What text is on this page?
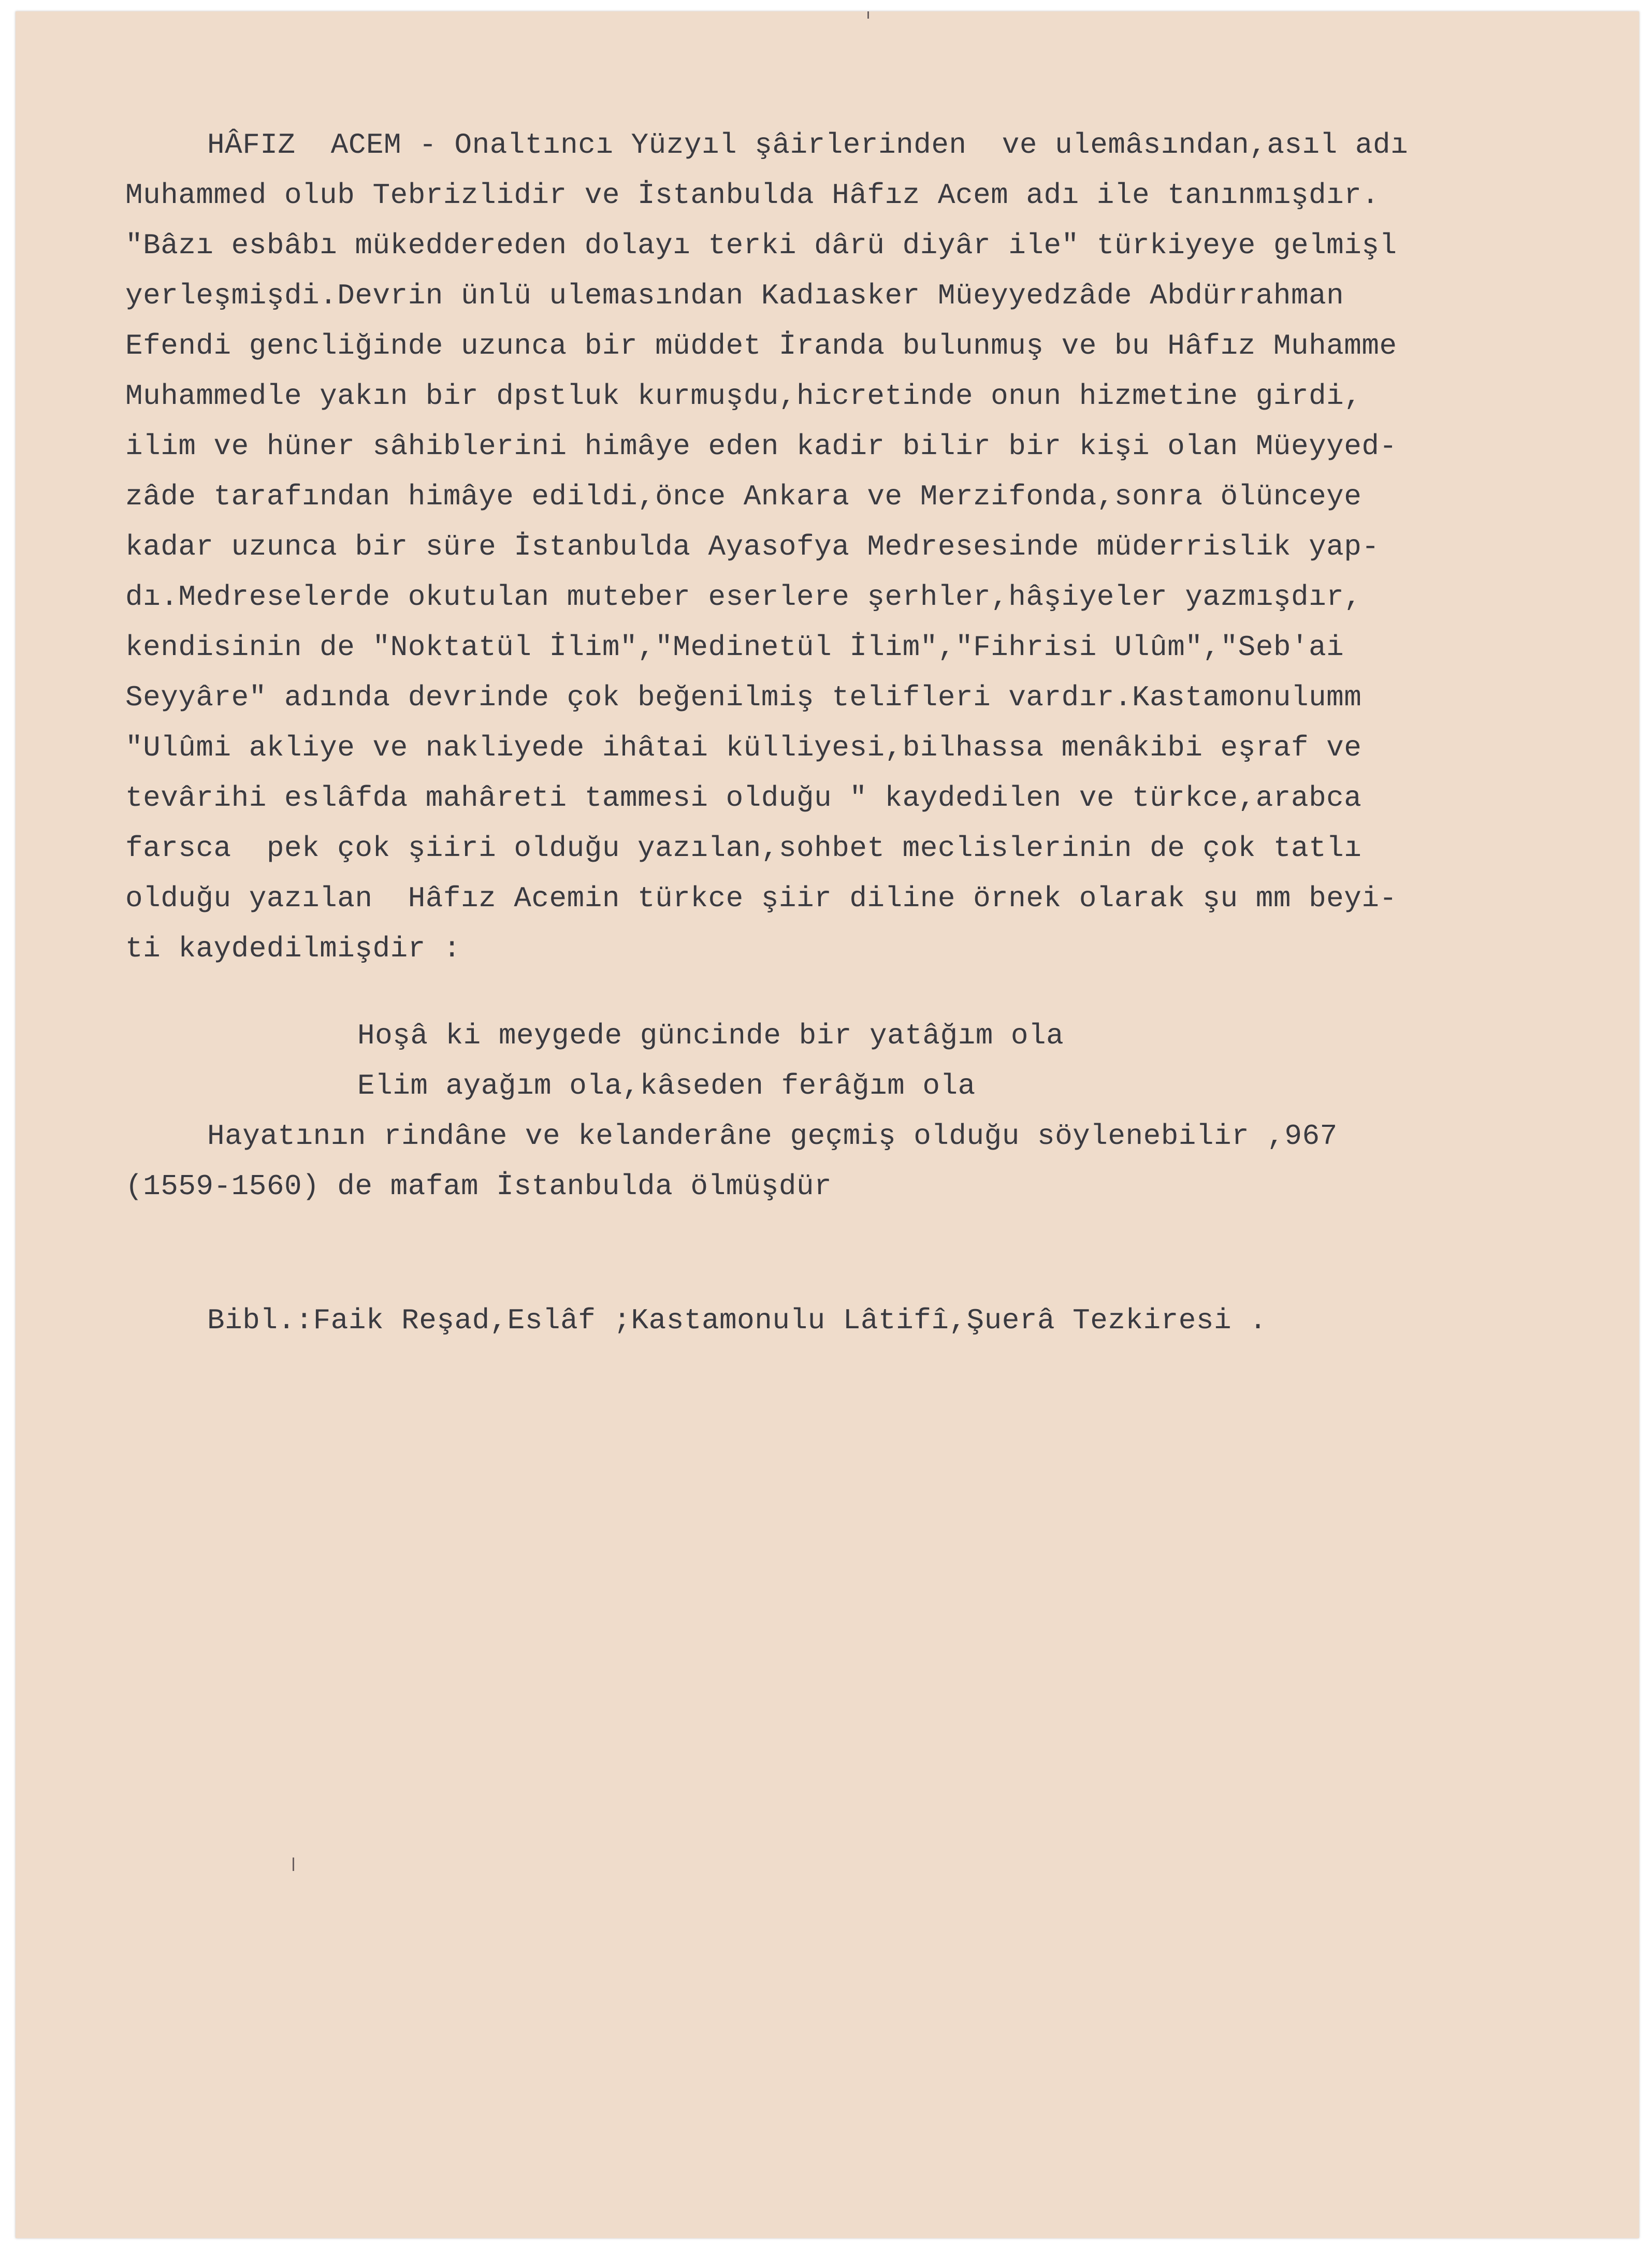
HÂFIZ  ACEM - Onaltıncı Yüzyıl şâirlerinden  ve ulemâsından,asıl adı
Muhammed olub Tebrizlidir ve İstanbulda Hâfız Acem adı ile tanınmışdır.
"Bâzı esbâbı mükeddereden dolayı terki dârü diyâr ile" türkiyeye gelmişl
yerleşmişdi.Devrin ünlü ulemasından Kadıasker Müeyyedzâde Abdürrahman
Efendi gencliğinde uzunca bir müddet İranda bulunmuş ve bu Hâfız Muhamme
Muhammedle yakın bir dpstluk kurmuşdu,hicretinde onun hizmetine girdi,
ilim ve hüner sâhiblerini himâye eden kadir bilir bir kişi olan Müeyyed-
zâde tarafından himâye edildi,önce Ankara ve Merzifonda,sonra ölünceye
kadar uzunca bir süre İstanbulda Ayasofya Medresesinde müderrislik yap-
dı.Medreselerde okutulan muteber eserlere şerhler,hâşiyeler yazmışdır,
kendisinin de "Noktatül İlim","Medinetül İlim","Fihrisi Ulûm","Seb'ai
Seyyâre" adında devrinde çok beğenilmiş telifleri vardır.Kastamonulumm
"Ulûmi akliye ve nakliyede ihâtai külliyesi,bilhassa menâkibi eşraf ve
tevârihi eslâfda mahâreti tammesi olduğu " kaydedilen ve türkce,arabca
farsca  pek çok şiiri olduğu yazılan,sohbet meclislerinin de çok tatlı
olduğu yazılan  Hâfız Acemin türkce şiir diline örnek olarak şu mm beyi-
ti kaydedilmişdir :
Hoşâ ki meygede güncinde bir yatâğım ola
Elim ayağım ola,kâseden ferâğım ola
Hayatının rindâne ve kelanderâne geçmiş olduğu söylenebilir ,967
(1559-1560) de mafam İstanbulda ölmüşdür
Bibl.:Faik Reşad,Eslâf ;Kastamonulu Lâtifî,Şuerâ Tezkiresi .
